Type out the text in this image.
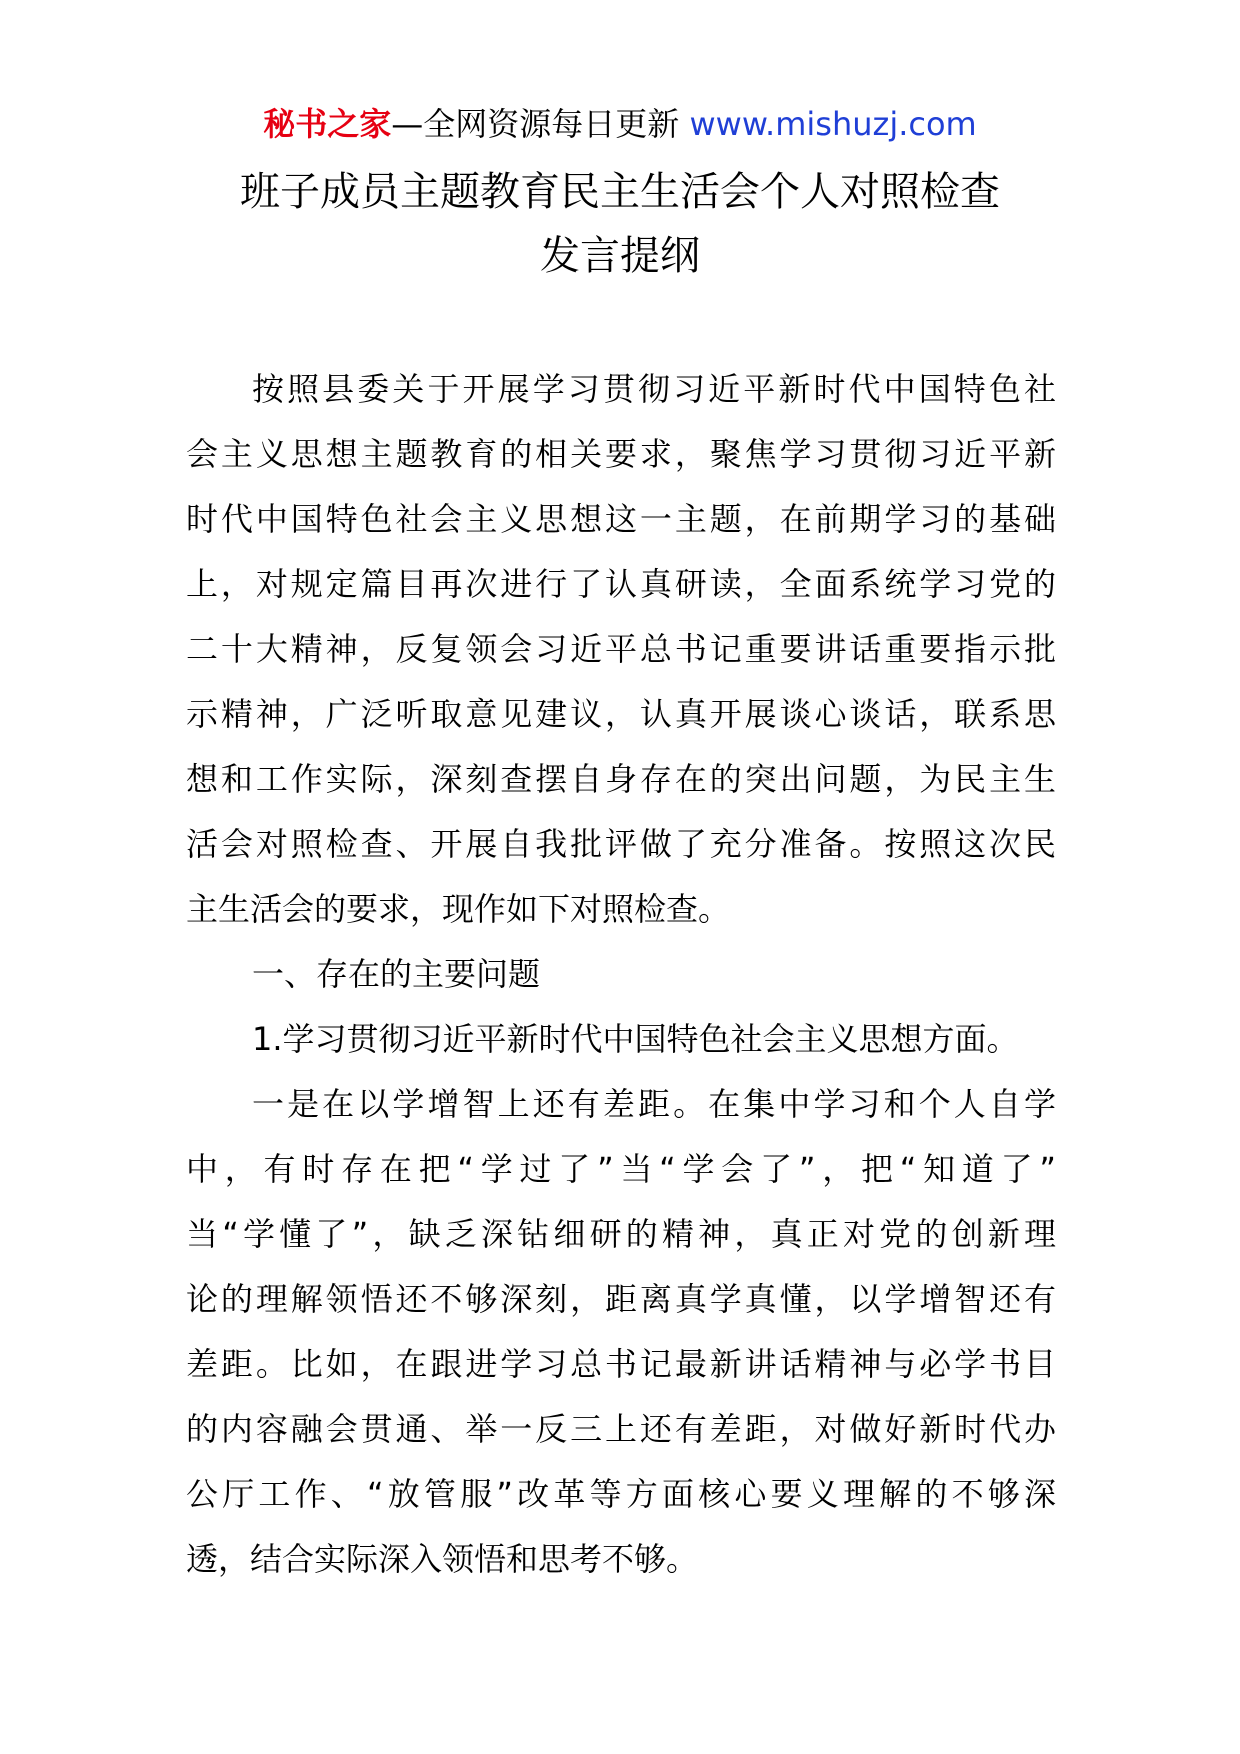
秘书之家—全网资源每日更新 www.mishuzj.com
班子成员主题教育民主生活会个人对照检查
发言提纲
按照县委关于开展学习贯彻习近平新时代中国特色社
会主义思想主题教育的相关要求，聚焦学习贯彻习近平新
时代中国特色社会主义思想这一主题，在前期学习的基础
上，对规定篇目再次进行了认真研读，全面系统学习党的
二十大精神，反复领会习近平总书记重要讲话重要指示批
示精神，广泛听取意见建议，认真开展谈心谈话，联系思
想和工作实际，深刻查摆自身存在的突出问题，为民主生
活会对照检查、开展自我批评做了充分准备。按照这次民
主生活会的要求，现作如下对照检查。
一、存在的主要问题
1.学习贯彻习近平新时代中国特色社会主义思想方面。
一是在以学增智上还有差距。在集中学习和个人自学
中，有时存在把“学过了”当“学会了”，把“知道了”
当“学懂了”，缺乏深钻细研的精神，真正对党的创新理
论的理解领悟还不够深刻，距离真学真懂，以学增智还有
差距。比如，在跟进学习总书记最新讲话精神与必学书目
的内容融会贯通、举一反三上还有差距，对做好新时代办
公厅工作、“放管服”改革等方面核心要义理解的不够深
透，结合实际深入领悟和思考不够。
